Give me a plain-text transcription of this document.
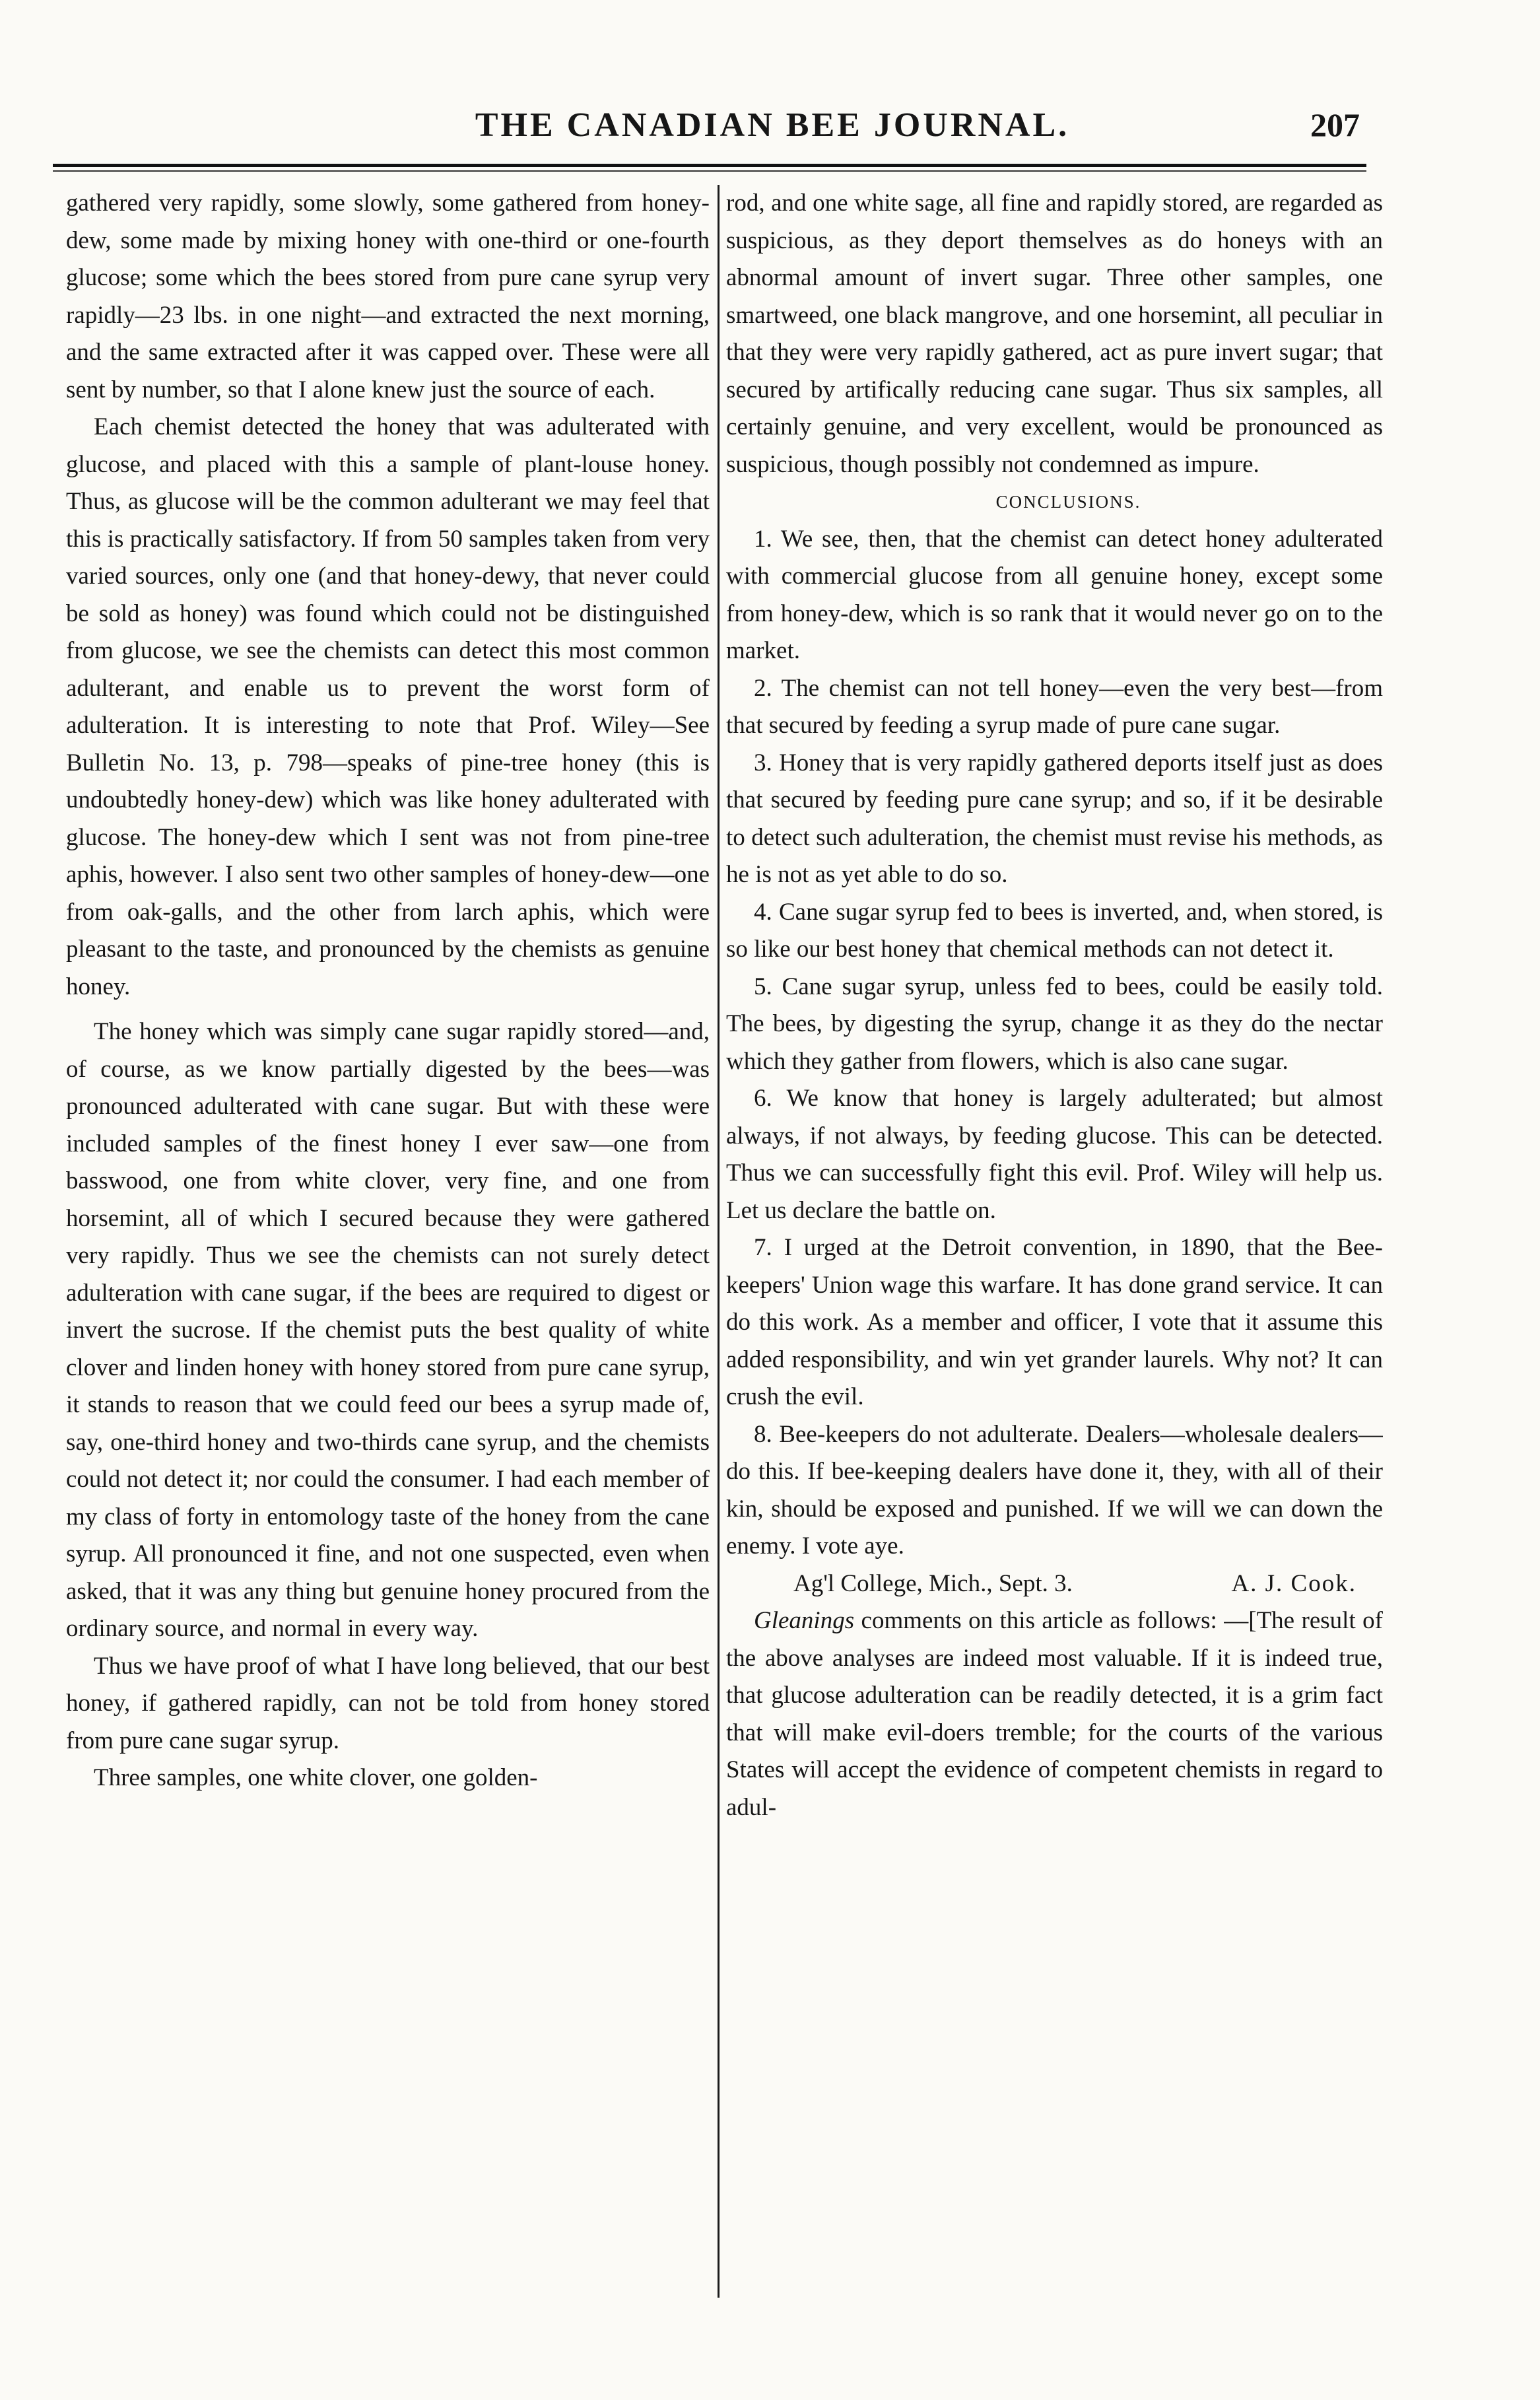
THE CANADIAN BEE JOURNAL.	207

gathered very rapidly, some slowly, some gathered from honey-dew, some made by mixing honey with one-third or one-fourth glucose; some which the bees stored from pure cane syrup very rapidly—23 lbs. in one night—and extracted the next morning, and the same extracted after it was capped over. These were all sent by number, so that I alone knew just the source of each.

Each chemist detected the honey that was adulterated with glucose, and placed with this a sample of plant-louse honey. Thus, as glucose will be the common adulterant we may feel that this is practically satisfactory. If from 50 samples taken from very varied sources, only one (and that honey-dewy, that never could be sold as honey) was found which could not be distinguished from glucose, we see the chemists can detect this most common adulterant, and enable us to prevent the worst form of adulteration. It is interesting to note that Prof. Wiley—See Bulletin No. 13, p. 798—speaks of pine-tree honey (this is undoubtedly honey-dew) which was like honey adulterated with glucose. The honey-dew which I sent was not from pine-tree aphis, however. I also sent two other samples of honey-dew—one from oak-galls, and the other from larch aphis, which were pleasant to the taste, and pronounced by the chemists as genuine honey.

The honey which was simply cane sugar rapidly stored—and, of course, as we know partially digested by the bees—was pronounced adulterated with cane sugar. But with these were included samples of the finest honey I ever saw—one from basswood, one from white clover, very fine, and one from horsemint, all of which I secured because they were gathered very rapidly. Thus we see the chemists can not surely detect adulteration with cane sugar, if the bees are required to digest or invert the sucrose. If the chemist puts the best quality of white clover and linden honey with honey stored from pure cane syrup, it stands to reason that we could feed our bees a syrup made of, say, one-third honey and two-thirds cane syrup, and the chemists could not detect it; nor could the consumer. I had each member of my class of forty in entomology taste of the honey from the cane syrup. All pronounced it fine, and not one suspected, even when asked, that it was any thing but genuine honey procured from the ordinary source, and normal in every way.

Thus we have proof of what I have long believed, that our best honey, if gathered rapidly, can not be told from honey stored from pure cane sugar syrup.

Three samples, one white clover, one golden-

rod, and one white sage, all fine and rapidly stored, are regarded as suspicious, as they deport themselves as do honeys with an abnormal amount of invert sugar. Three other samples, one smartweed, one black mangrove, and one horsemint, all peculiar in that they were very rapidly gathered, act as pure invert sugar; that secured by artifically reducing cane sugar. Thus six samples, all certainly genuine, and very excellent, would be pronounced as suspicious, though possibly not condemned as impure.

CONCLUSIONS.

1. We see, then, that the chemist can detect honey adulterated with commercial glucose from all genuine honey, except some from honey-dew, which is so rank that it would never go on to the market.

2. The chemist can not tell honey—even the very best—from that secured by feeding a syrup made of pure cane sugar.

3. Honey that is very rapidly gathered deports itself just as does that secured by feeding pure cane syrup; and so, if it be desirable to detect such adulteration, the chemist must revise his methods, as he is not as yet able to do so.

4. Cane sugar syrup fed to bees is inverted, and, when stored, is so like our best honey that chemical methods can not detect it.

5. Cane sugar syrup, unless fed to bees, could be easily told. The bees, by digesting the syrup, change it as they do the nectar which they gather from flowers, which is also cane sugar.

6. We know that honey is largely adulterated; but almost always, if not always, by feeding glucose. This can be detected. Thus we can successfully fight this evil. Prof. Wiley will help us. Let us declare the battle on.

7. I urged at the Detroit convention, in 1890, that the Bee-keepers' Union wage this warfare. It has done grand service. It can do this work. As a member and officer, I vote that it assume this added responsibility, and win yet grander laurels. Why not? It can crush the evil.

8. Bee-keepers do not adulterate. Dealers—wholesale dealers—do this. If bee-keeping dealers have done it, they, with all of their kin, should be exposed and punished. If we will we can down the enemy. I vote aye.

Ag'l College, Mich., Sept. 3.	A. J. Cook.

Gleanings comments on this article as follows: —[The result of the above analyses are indeed most valuable. If it is indeed true, that glucose adulteration can be readily detected, it is a grim fact that will make evil-doers tremble; for the courts of the various States will accept the evidence of competent chemists in regard to adul-
